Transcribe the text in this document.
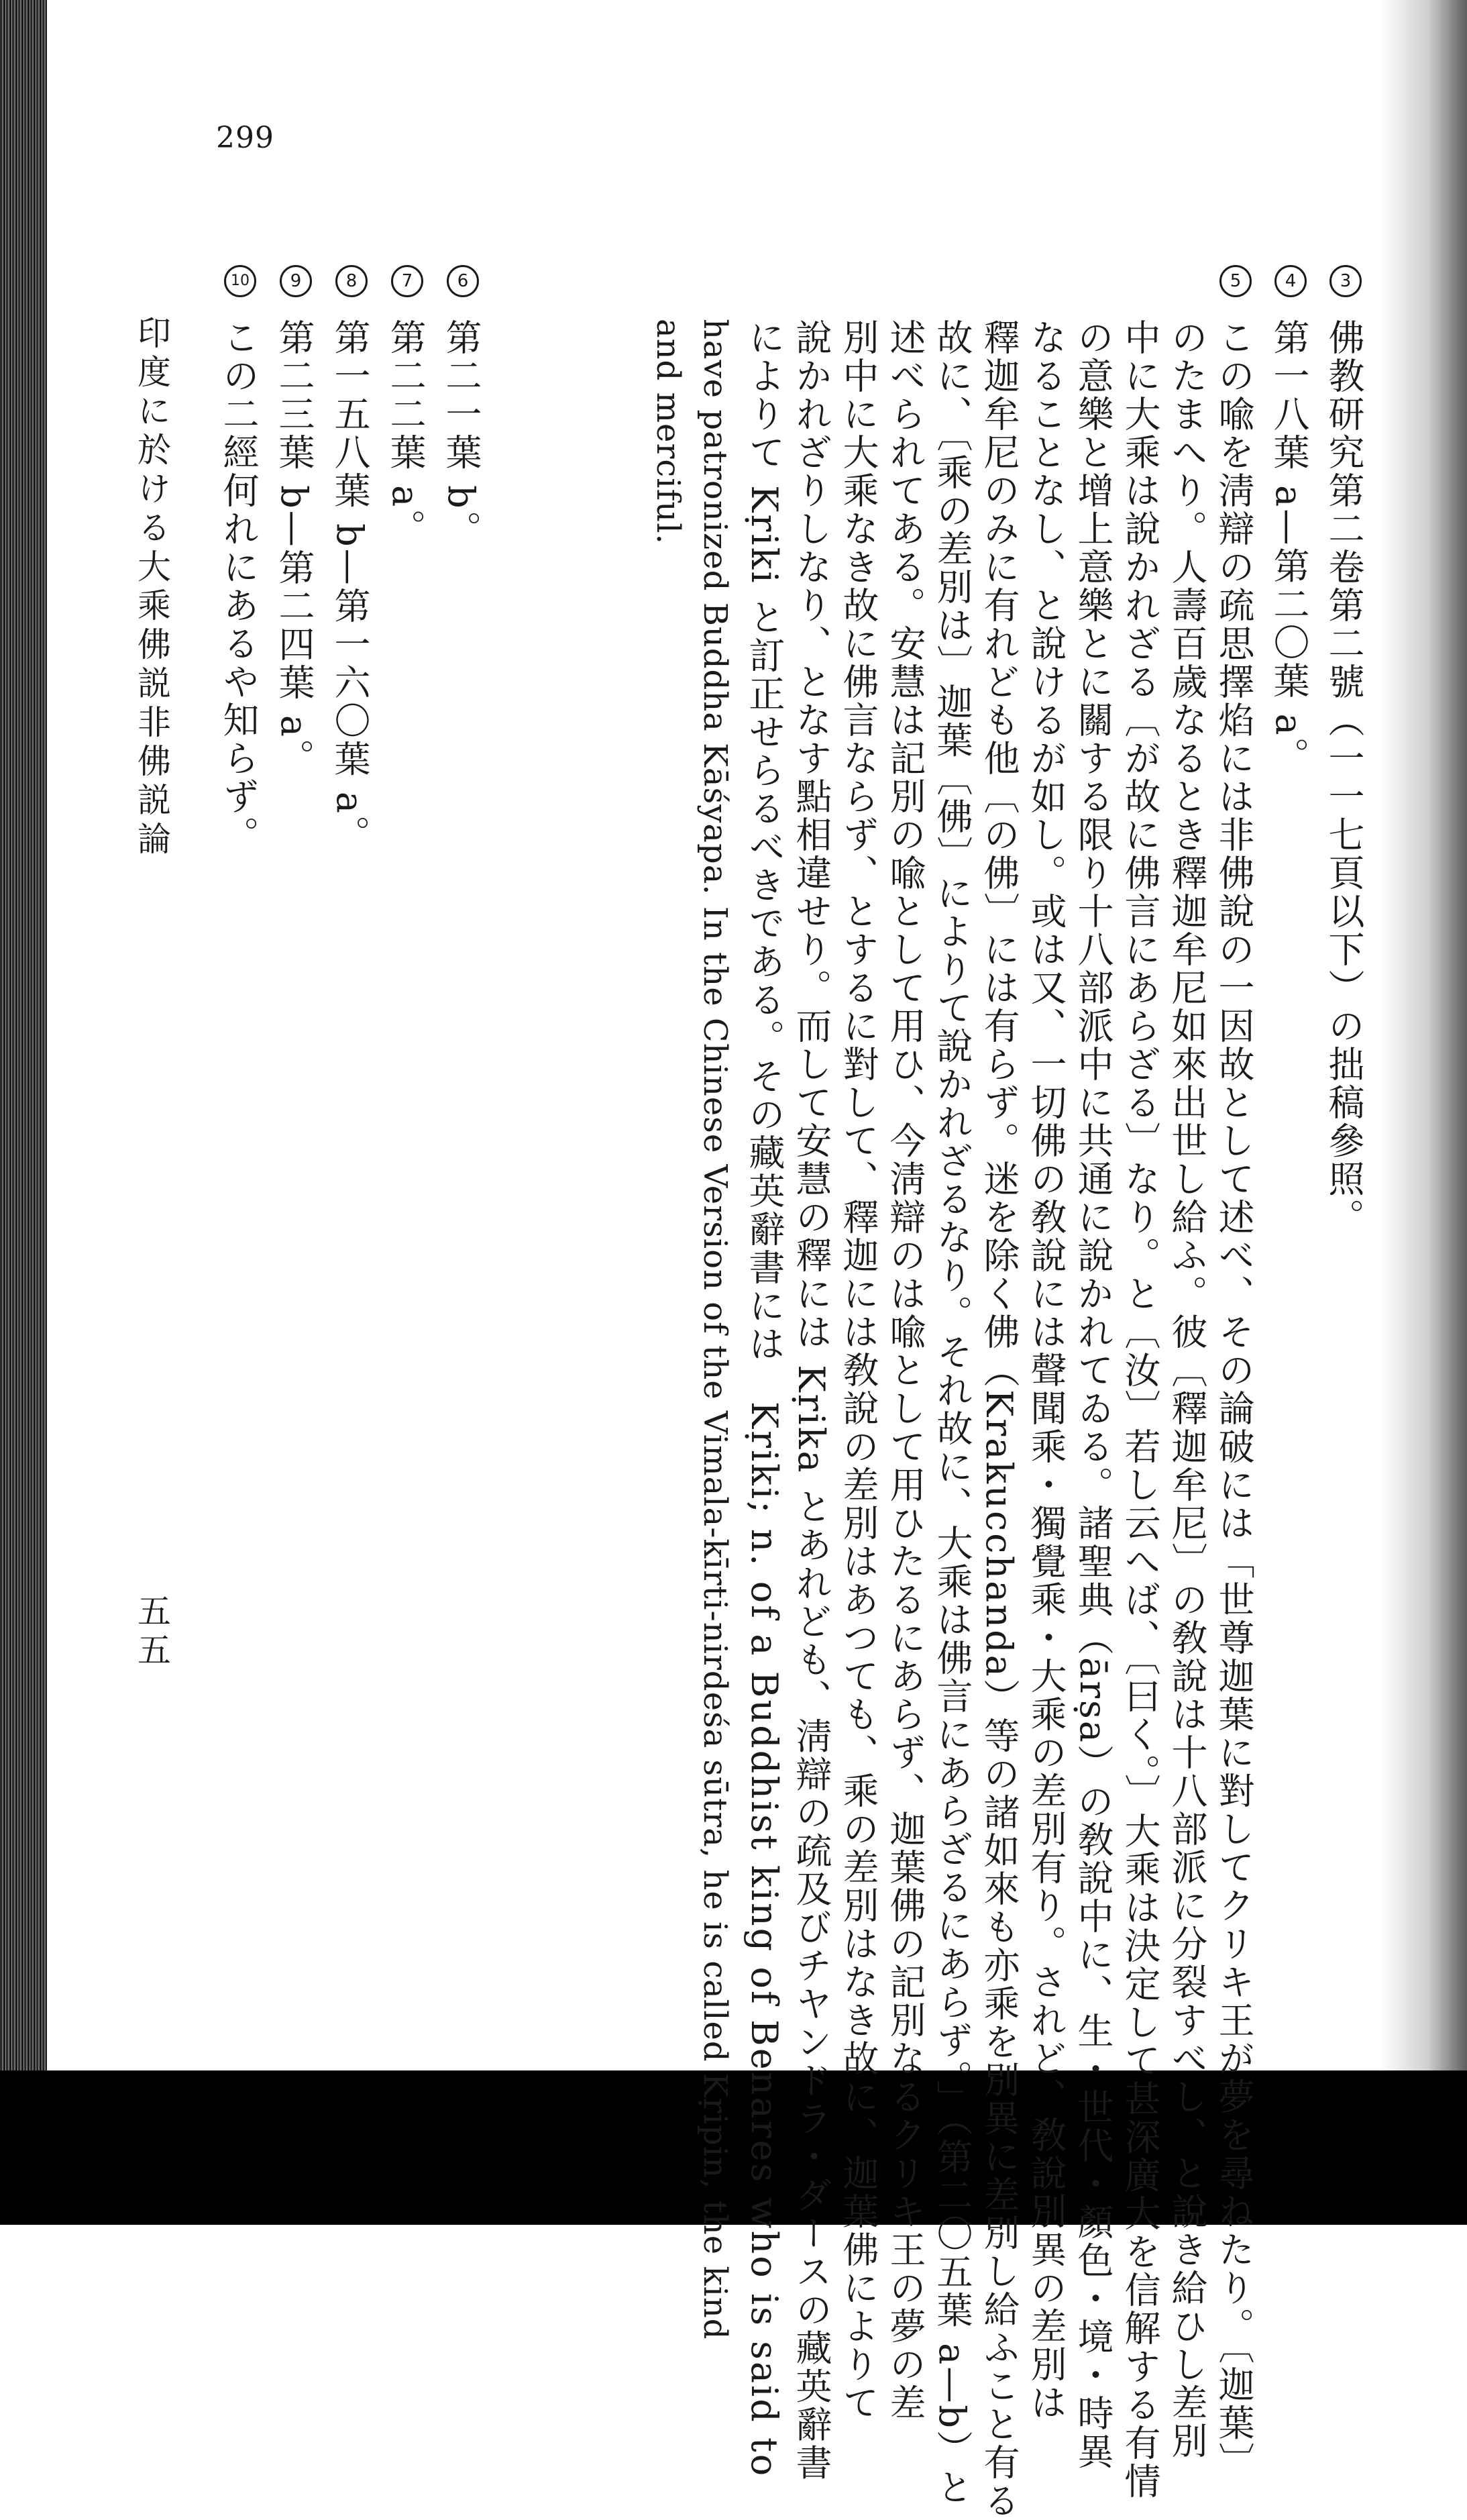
299
3
佛教研究第二卷第二號（一一七頁以下）の拙稿參照。
4
第一八葉 a—第二〇葉 a。
5
この喩を淸辯の疏思擇焰には非佛說の一因故として述べ、その論破には「世尊迦葉に對してクリキ王が夢を尋ねたり。〔迦葉〕
のたまへり。人壽百歲なるとき釋迦牟尼如來出世し給ふ。彼〔釋迦牟尼〕の敎說は十八部派に分裂すべし、と說き給ひし差別
中に大乘は說かれざる〔が故に佛言にあらざる〕なり。と〔汝〕若し云へば、〔曰く。〕大乘は決定して甚深廣大を信解する有情
の意樂と增上意樂とに關する限り十八部派中に共通に說かれてゐる。諸聖典（ārṣa）の敎說中に、生・世代・顏色・境・時異
なることなし、と說けるが如し。或は又、一切佛の敎說には聲聞乘・獨覺乘・大乘の差別有り。されど、敎說別異の差別は
釋迦牟尼のみに有れども他〔の佛〕には有らず。迷を除く佛（Krakucchanda）等の諸如來も亦乘を別異に差別し給ふこと有る
故に、〔乘の差別は〕迦葉〔佛〕によりて說かれざるなり。それ故に、大乘は佛言にあらざるにあらず。」（第二〇五葉 a—b）と
述べられてある。安慧は記別の喩として用ひ、今淸辯のは喩として用ひたるにあらず、迦葉佛の記別なるクリキ王の夢の差
別中に大乘なき故に佛言ならず、とするに對して、釋迦には敎說の差別はあつても、乘の差別はなき故に、迦葉佛によりて
說かれざりしなり、となす點相違せり。而して安慧の釋には Kṛika とあれども、淸辯の疏及びチヤンドラ・ダースの藏英辭書
によりて Kṛiki と訂正せらるべきである。その藏英辭書には　Kṛiki; n. of a Buddhist king of Benares who is said to
have patronized Buddha Kāśyapa. In the Chinese Version of the Vimala-kīrti-nirdeśa sūtra, he is called Kṛipin, the kind
and merciful.
6
第二一葉 b。
7
第二二葉 a。
8
第一五八葉 b—第一六〇葉 a。
9
第二三葉 b—第二四葉 a。
10
この二經何れにあるや知らず。
印度に於ける大乘佛説非佛説論
五五
